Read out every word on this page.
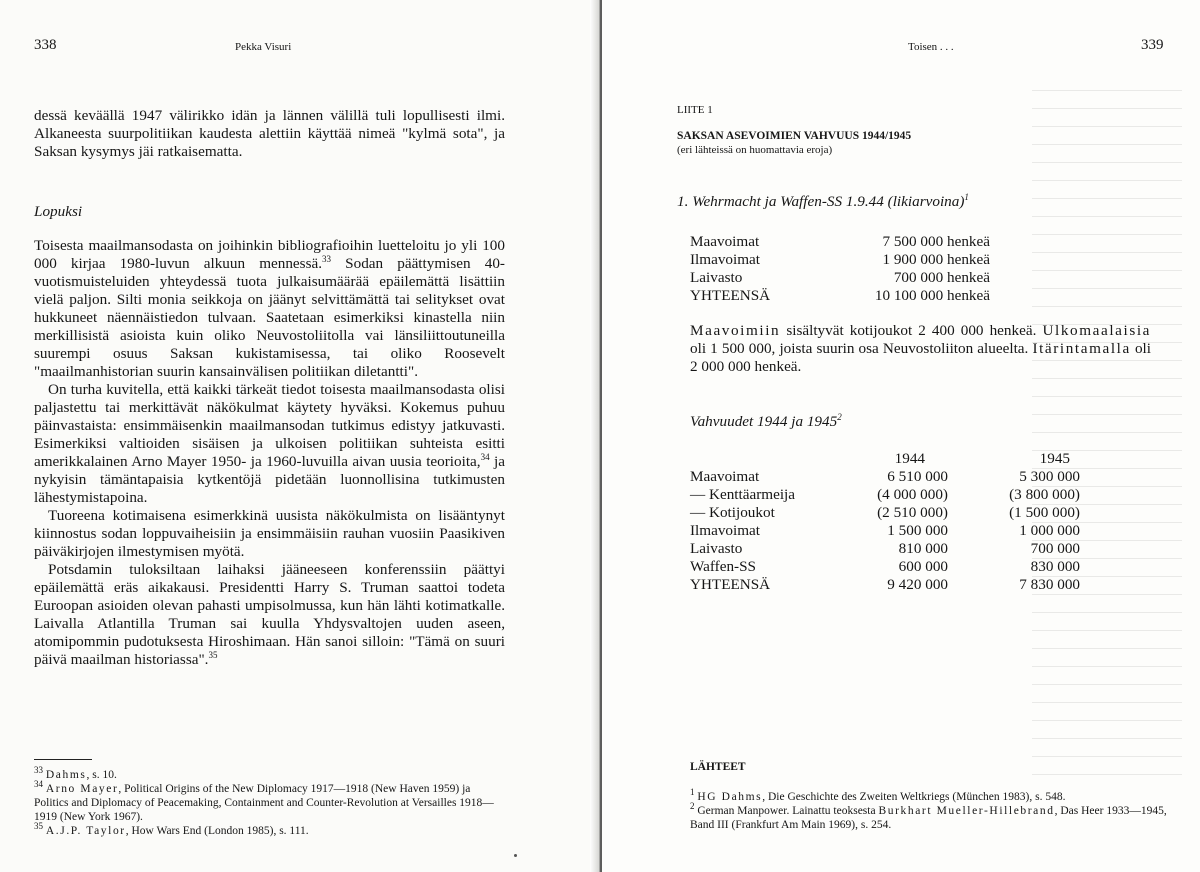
338	Pekka Visuri

dessä keväällä 1947 välirikko idän ja lännen välillä tuli lopullisesti ilmi. Alkaneesta suurpolitiikan kaudesta alettiin käyttää nimeä "kylmä sota", ja Saksan kysymys jäi ratkaisematta.

Lopuksi

Toisesta maailmansodasta on joihinkin bibliografioihin luetteloitu jo yli 100 000 kirjaa 1980-luvun alkuun mennessä.$^{33}$ Sodan päättymisen 40-vuotismuisteluiden yhteydessä tuota julkaisumäärää epäilemättä lisättiin vielä paljon. Silti monia seikkoja on jäänyt selvittämättä tai selitykset ovat hukkuneet näennäistiedon tulvaan. Saatetaan esimerkiksi kinastella niin merkillisistä asioista kuin oliko Neuvostoliitolla vai länsiliittoutuneilla suurempi osuus Saksan kukistamisessa, tai oliko Roosevelt "maailmanhistorian suurin kansainvälisen politiikan diletantti".

On turha kuvitella, että kaikki tärkeät tiedot toisesta maailmansodasta olisi paljastettu tai merkittävät näkökulmat käytety hyväksi. Kokemus puhuu päinvastaista: ensimmäisenkin maailmansodan tutkimus edistyy jatkuvasti. Esimerkiksi valtioiden sisäisen ja ulkoisen politiikan suhteista esitti amerikkalainen Arno Mayer 1950- ja 1960-luvuilla aivan uusia teorioita,$^{34}$ ja nykyisin tämäntapaisia kytkentöjä pidetään luonnollisina tutkimusten lähestymistapoina.

Tuoreena kotimaisena esimerkkinä uusista näkökulmista on lisääntynyt kiinnostus sodan loppuvaiheisiin ja ensimmäisiin rauhan vuosiin Paasikiven päiväkirjojen ilmestymisen myötä.

Potsdamin tuloksiltaan laihaksi jääneeseen konferenssiin päättyi epäilemättä eräs aikakausi. Presidentti Harry S. Truman saattoi todeta Euroopan asioiden olevan pahasti umpisolmussa, kun hän lähti kotimatkalle. Laivalla Atlantilla Truman sai kuulla Yhdysvaltojen uuden aseen, atomipommin pudotuksesta Hiroshimaan. Hän sanoi silloin: "Tämä on suuri päivä maailman historiassa".$^{35}$

$^{33}$ Dahms, s. 10.
$^{34}$ Arno Mayer, Political Origins of the New Diplomacy 1917—1918 (New Haven 1959) ja Politics and Diplomacy of Peacemaking, Containment and Counter-Revolution at Versailles 1918—1919 (New York 1967).
$^{35}$ A.J.P. Taylor, How Wars End (London 1985), s. 111.
Toisen . . .	339
LIITE 1
SAKSAN ASEVOIMIEN VAHVUUS 1944/1945
(eri lähteissä on huomattavia eroja)
1. Wehrmacht ja Waffen-SS 1.9.44 (likiarvoina)$^1$
Maavoimat	7 500 000 henkeä
Ilmavoimat	1 900 000 henkeä
Laivasto	700 000 henkeä
YHTEENSÄ	10 100 000 henkeä
Maavoimiin sisältyvät kotijoukot 2 400 000 henkeä. Ulkomaalaisia oli 1 500 000, joista suurin osa Neuvostoliiton alueelta. Itärintamalla oli 2 000 000 henkeä.
Vahvuudet 1944 ja 1945$^2$
1944	1945
Maavoimat	6 510 000	5 300 000
— Kenttäarmeija	(4 000 000)	(3 800 000)
— Kotijoukot	(2 510 000)	(1 500 000)
Ilmavoimat	1 500 000	1 000 000
Laivasto	810 000	700 000
Waffen-SS	600 000	830 000
YHTEENSÄ	9 420 000	7 830 000
LÄHTEET
$^1$ HG Dahms, Die Geschichte des Zweiten Weltkriegs (München 1983), s. 548.
$^2$ German Manpower. Lainattu teoksesta Burkhart Mueller-Hillebrand, Das Heer 1933—1945, Band III (Frankfurt Am Main 1969), s. 254.
